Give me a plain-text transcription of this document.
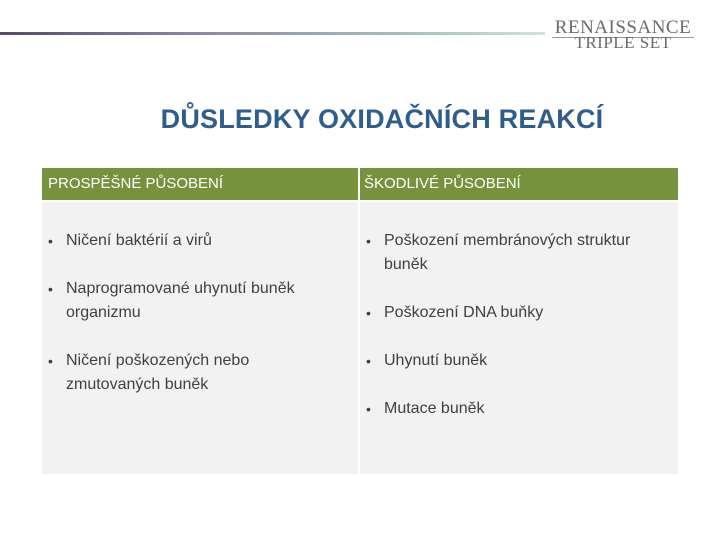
RENAISSANCE
TRIPLE SET
DŮSLEDKY OXIDAČNÍCH REAKCÍ
PROSPĚŠNÉ PŮSOBENÍ	ŠKODLIVÉ PŮSOBENÍ
• Ničení baktérií a virů
• Naprogramované uhynutí buněk organizmu
• Ničení poškozených nebo zmutovaných buněk
• Poškození membránových struktur buněk
• Poškození DNA buňky
• Uhynutí buněk
• Mutace buněk
